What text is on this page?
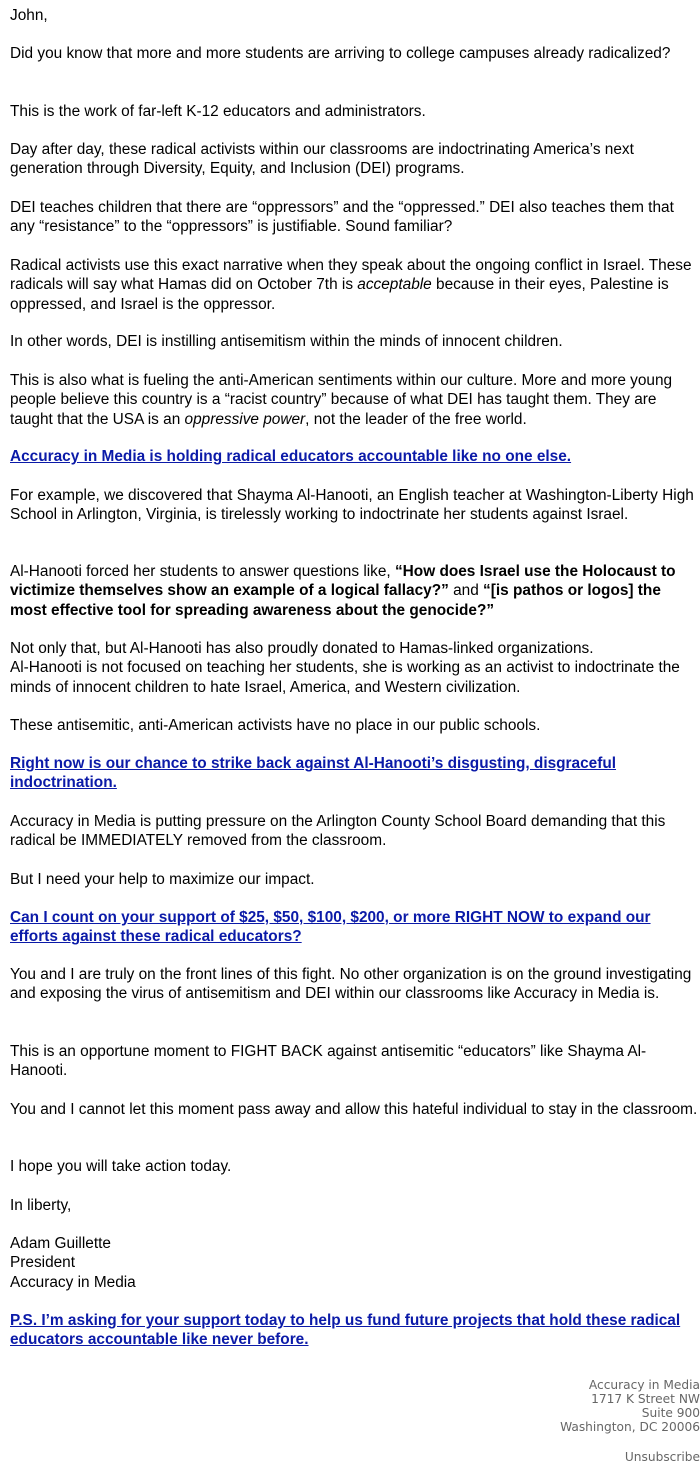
John,

Did you know that more and more students are arriving to college campuses already radicalized?

This is the work of far-left K-12 educators and administrators.

Day after day, these radical activists within our classrooms are indoctrinating America’s next generation through Diversity, Equity, and Inclusion (DEI) programs.

DEI teaches children that there are “oppressors” and the “oppressed.” DEI also teaches them that any “resistance” to the “oppressors” is justifiable. Sound familiar?

Radical activists use this exact narrative when they speak about the ongoing conflict in Israel. These radicals will say what Hamas did on October 7th is acceptable because in their eyes, Palestine is oppressed, and Israel is the oppressor.

In other words, DEI is instilling antisemitism within the minds of innocent children.

This is also what is fueling the anti-American sentiments within our culture. More and more young people believe this country is a “racist country” because of what DEI has taught them. They are taught that the USA is an oppressive power, not the leader of the free world.

Accuracy in Media is holding radical educators accountable like no one else.

For example, we discovered that Shayma Al-Hanooti, an English teacher at Washington-Liberty High School in Arlington, Virginia, is tirelessly working to indoctrinate her students against Israel.

Al-Hanooti forced her students to answer questions like, “How does Israel use the Holocaust to victimize themselves show an example of a logical fallacy?” and “[is pathos or logos] the most effective tool for spreading awareness about the genocide?”

Not only that, but Al-Hanooti has also proudly donated to Hamas-linked organizations.
Al-Hanooti is not focused on teaching her students, she is working as an activist to indoctrinate the minds of innocent children to hate Israel, America, and Western civilization.

These antisemitic, anti-American activists have no place in our public schools.

Right now is our chance to strike back against Al-Hanooti’s disgusting, disgraceful indoctrination.

Accuracy in Media is putting pressure on the Arlington County School Board demanding that this radical be IMMEDIATELY removed from the classroom.

But I need your help to maximize our impact.

Can I count on your support of $25, $50, $100, $200, or more RIGHT NOW to expand our efforts against these radical educators?

You and I are truly on the front lines of this fight. No other organization is on the ground investigating and exposing the virus of antisemitism and DEI within our classrooms like Accuracy in Media is.

This is an opportune moment to FIGHT BACK against antisemitic “educators” like Shayma Al-Hanooti.

You and I cannot let this moment pass away and allow this hateful individual to stay in the classroom.

I hope you will take action today.

In liberty,

Adam Guillette
President
Accuracy in Media

P.S. I’m asking for your support today to help us fund future projects that hold these radical educators accountable like never before.

Accuracy in Media
1717 K Street NW
Suite 900
Washington, DC 20006
Unsubscribe
